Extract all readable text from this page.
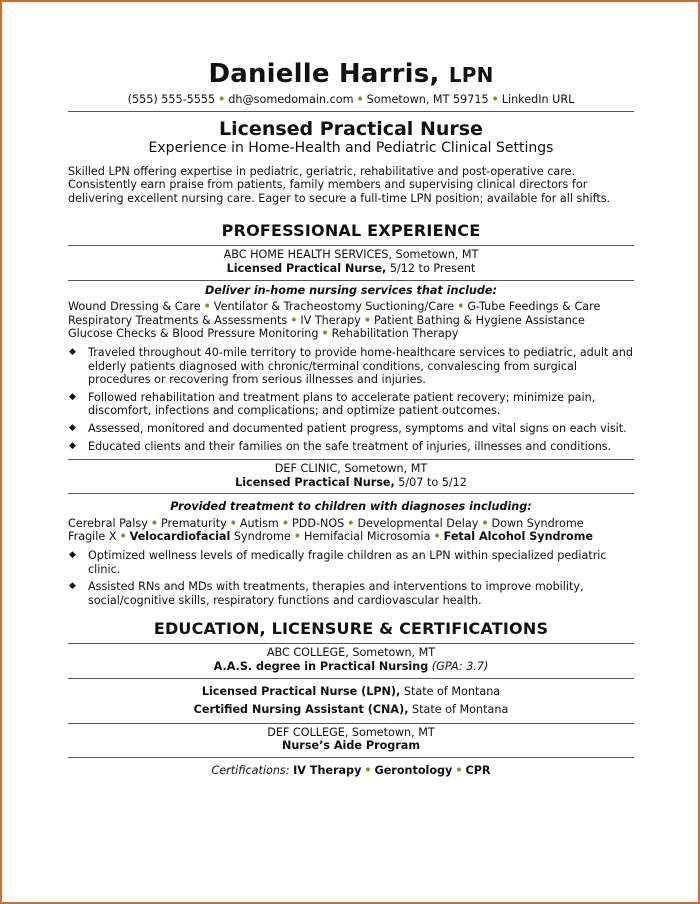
Danielle Harris, LPN
(555) 555-5555 • dh@somedomain.com • Sometown, MT 59715 • LinkedIn URL
Licensed Practical Nurse
Experience in Home-Health and Pediatric Clinical Settings
Skilled LPN offering expertise in pediatric, geriatric, rehabilitative and post-operative care.
Consistently earn praise from patients, family members and supervising clinical directors for
delivering excellent nursing care. Eager to secure a full-time LPN position; available for all shifts.
PROFESSIONAL EXPERIENCE
ABC HOME HEALTH SERVICES, Sometown, MT
Licensed Practical Nurse, 5/12 to Present
Deliver in-home nursing services that include:
Wound Dressing & Care • Ventilator & Tracheostomy Suctioning/Care • G-Tube Feedings & Care
Respiratory Treatments & Assessments • IV Therapy • Patient Bathing & Hygiene Assistance
Glucose Checks & Blood Pressure Monitoring • Rehabilitation Therapy
◆ Traveled throughout 40-mile territory to provide home-healthcare services to pediatric, adult and elderly patients diagnosed with chronic/terminal conditions, convalescing from surgical procedures or recovering from serious illnesses and injuries.
◆ Followed rehabilitation and treatment plans to accelerate patient recovery; minimize pain, discomfort, infections and complications; and optimize patient outcomes.
◆ Assessed, monitored and documented patient progress, symptoms and vital signs on each visit.
◆ Educated clients and their families on the safe treatment of injuries, illnesses and conditions.
DEF CLINIC, Sometown, MT
Licensed Practical Nurse, 5/07 to 5/12
Provided treatment to children with diagnoses including:
Cerebral Palsy • Prematurity • Autism • PDD-NOS • Developmental Delay • Down Syndrome
Fragile X • Velocardiofacial Syndrome • Hemifacial Microsomia • Fetal Alcohol Syndrome
◆ Optimized wellness levels of medically fragile children as an LPN within specialized pediatric clinic.
◆ Assisted RNs and MDs with treatments, therapies and interventions to improve mobility, social/cognitive skills, respiratory functions and cardiovascular health.
EDUCATION, LICENSURE & CERTIFICATIONS
ABC COLLEGE, Sometown, MT
A.A.S. degree in Practical Nursing (GPA: 3.7)
Licensed Practical Nurse (LPN), State of Montana
Certified Nursing Assistant (CNA), State of Montana
DEF COLLEGE, Sometown, MT
Nurse’s Aide Program
Certifications: IV Therapy • Gerontology • CPR
